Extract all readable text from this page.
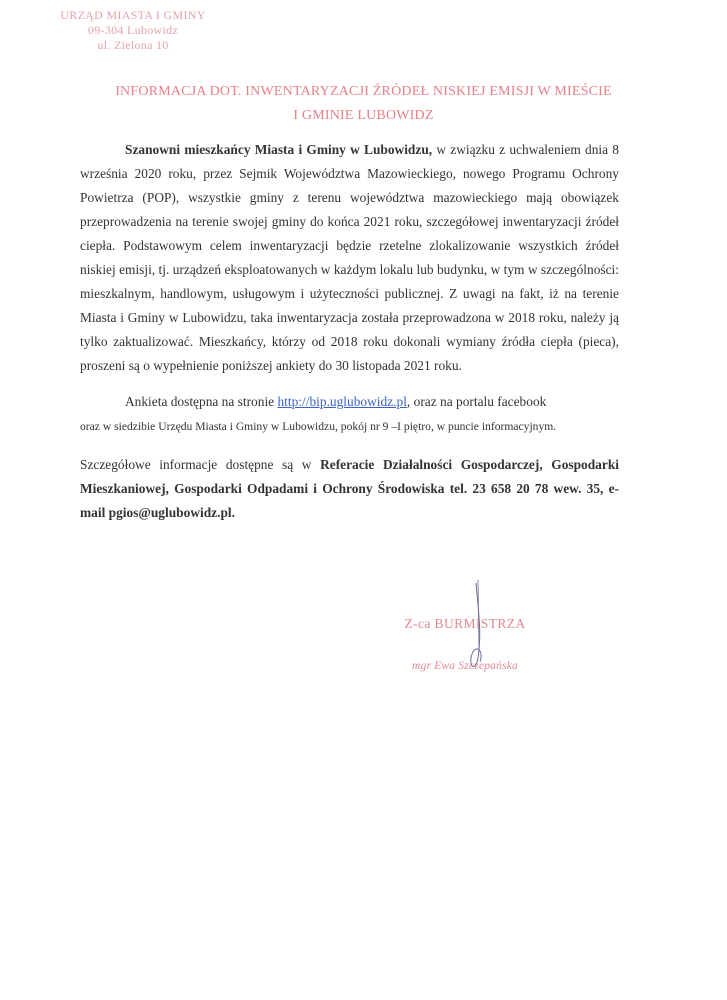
URZĄD MIASTA I GMINY
09-304 Lubowidz
ul. Zielona 10
INFORMACJA DOT. INWENTARYZACJI ŹRÓDEŁ NISKIEJ EMISJI W MIEŚCIE
I GMINIE LUBOWIDZ

Szanowni mieszkańcy Miasta i Gminy w Lubowidzu, w związku z uchwaleniem dnia 8 września 2020 roku, przez Sejmik Województwa Mazowieckiego, nowego Programu Ochrony Powietrza (POP), wszystkie gminy z terenu województwa mazowieckiego mają obowiązek przeprowadzenia na terenie swojej gminy do końca 2021 roku, szczegółowej inwentaryzacji źródeł ciepła. Podstawowym celem inwentaryzacji będzie rzetelne zlokalizowanie wszystkich źródeł niskiej emisji, tj. urządzeń eksploatowanych w każdym lokalu lub budynku, w tym w szczególności: mieszkalnym, handlowym, usługowym i użyteczności publicznej. Z uwagi na fakt, iż na terenie Miasta i Gminy w Lubowidzu, taka inwentaryzacja została przeprowadzona w 2018 roku, należy ją tylko zaktualizować. Mieszkańcy, którzy od 2018 roku dokonali wymiany źródła ciepła (pieca), proszeni są o wypełnienie poniższej ankiety do 30 listopada 2021 roku.

Ankieta dostępna na stronie http://bip.uglubowidz.pl, oraz na portalu facebook
oraz w siedzibie Urzędu Miasta i Gminy w Lubowidzu, pokój nr 9 –I piętro, w puncie informacyjnym.

Szczegółowe informacje dostępne są w Referacie Działalności Gospodarczej, Gospodarki Mieszkaniowej, Gospodarki Odpadami i Ochrony Środowiska tel. 23 658 20 78 wew. 35, e-mail pgios@uglubowidz.pl.

Z-ca BURMISTRZA
mgr Ewa Szczepańska
